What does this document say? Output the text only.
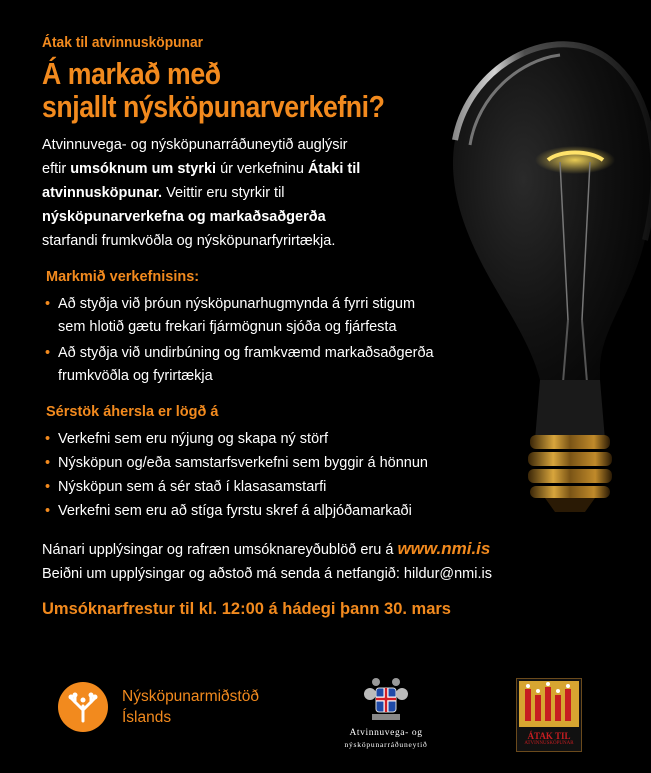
Átak til atvinnusköpunar
Á markað með
snjallt nýsköpunarverkefni?
Atvinnuvega- og nýsköpunarráðuneytið auglýsir
eftir umsóknum um styrki úr verkefninu Átaki til
atvinnusköpunar. Veittir eru styrkir til
nýsköpunarverkefna og markaðsaðgerða
starfandi frumkvöðla og nýsköpunarfyrirtækja.
Markmið verkefnisins:
• Að styðja við þróun nýsköpunarhugmynda á fyrri stigum
sem hlotið gætu frekari fjármögnun sjóða og fjárfesta
• Að styðja við undirbúning og framkvæmd markaðsaðgerða
frumkvöðla og fyrirtækja
Sérstök áhersla er lögð á
• Verkefni sem eru nýjung og skapa ný störf
• Nýsköpun og/eða samstarfsverkefni sem byggir á hönnun
• Nýsköpun sem á sér stað í klasasamstarfi
• Verkefni sem eru að stíga fyrstu skref á alþjóðamarkaði
Nánari upplýsingar og rafræn umsóknareyðublöð eru á www.nmi.is
Beiðni um upplýsingar og aðstoð má senda á netfangið: hildur@nmi.is
Umsóknarfrestur til kl. 12:00 á hádegi þann 30. mars
Nýsköpunarmiðstöð
Íslands
Atvinnuvega- og
nýsköpunarráðuneytið
ÁTAK TIL
ATVINNUSKÖPUNAR
